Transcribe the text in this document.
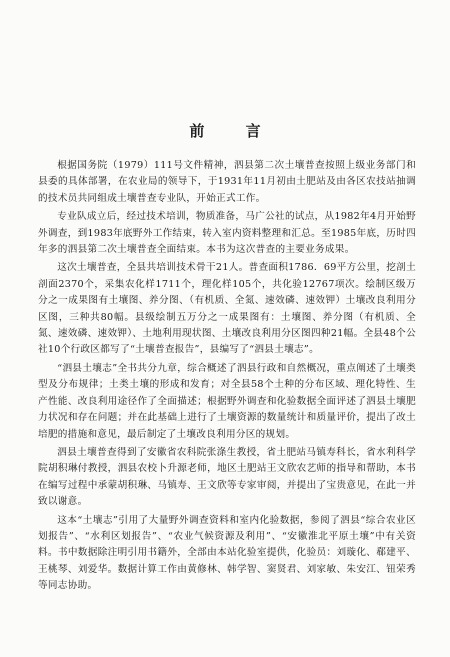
前 言

根据国务院（1979）111号文件精神，泗县第二次土壤普查按照上级业务部门和县委的具体部署，在农业局的领导下，于1931年11月初由土肥站及由各区农技站抽调的技术员共同组成土壤普查专业队，开始正式工作。

专业队成立后，经过技术培训，物质准备，马广公社的试点，从1982年4月开始野外调查，到1983年底野外工作结束，转入室内资料整理和汇总。至1985年底，历时四年多的泗县第二次土壤普查全面结束。本书为这次普查的主要业务成果。

这次土壤普查，全县共培训技术骨干21人。普查面积1786．69平方公里，挖剖土剖面2370个，采集农化样1711个，理化样105个，共化验12767项次。绘制区级万分之一成果图有土壤图、养分图、（有机质、全氮、速效磷、速效钾）土壤改良利用分区图，三种共80幅。县级绘制五万分之一成果图有：土壤图、养分图（有机质、全氮、速效磷、速效钾）、土地利用现状图、土壤改良利用分区图四种21幅。全县48个公社10个行政区都写了“土壤普查报告”，县编写了“泗县土壤志”。

“泗县土壤志”全书共分九章，综合概述了泗县行政和自然概况，重点阐述了土壤类型及分布规律；土类土壤的形成和发育；对全县58个土种的分布区域、理化特性、生产性能、改良利用途径作了全面描述；根据野外调查和化验数据全面评述了泗县土壤肥力状况和存在问题；并在此基础上进行了土壤资源的数量统计和质量评价，提出了改土培肥的措施和意见，最后制定了土壤改良利用分区的规划。

泗县土壤普查得到了安徽省农科院张涤生教授，省土肥站马镇寿科长，省水利科学院胡积琳付教授，泗县农校卜升源老师，地区土肥站王文欣农艺师的指导和帮助，本书在编写过程中承蒙胡积琳、马镇寿、王文欣等专家审阅，并提出了宝贵意见，在此一并致以谢意。

这本“土壤志”引用了大量野外调查资料和室内化验数据，参阅了泗县“综合农业区划报告”、“水利区划报告”、“农业气候资源及利用”、“安徽淮北平原土壤”中有关资料。书中数据除注明引用书籍外，全部由本站化验室提供，化验员：刘璇化、郗建平、王桃琴、刘爱华。数据计算工作由黄修林、韩学智、窦贤君、刘家敏、朱安江、钮荣秀等同志协助。
